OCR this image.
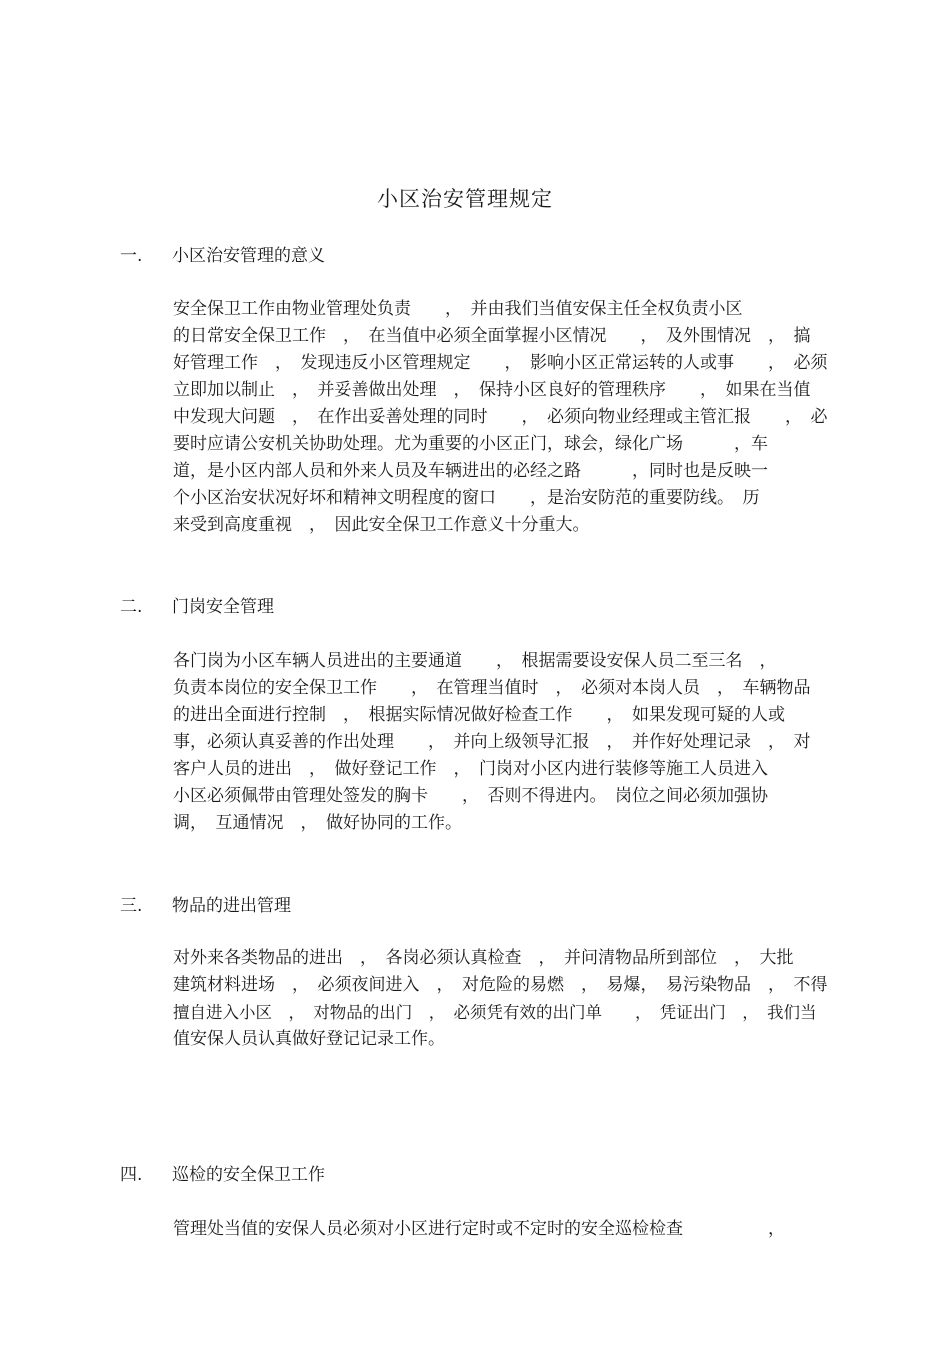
小区治安管理规定
一. 小区治安管理的意义
安全保卫工作由物业管理处负责　　，　并由我们当值安保主任全权负责小区
的日常安全保卫工作　，　在当值中必须全面掌握小区情况　　，　及外围情况　，　搞
好管理工作　，　发现违反小区管理规定　　，　影响小区正常运转的人或事　　，　必须
立即加以制止　，　并妥善做出处理　，　保持小区良好的管理秩序　　，　如果在当值
中发现大问题　，　在作出妥善处理的同时　　，　必须向物业经理或主管汇报　　，　必
要时应请公安机关协助处理。尤为重要的小区正门，球会，绿化广场　　　，车
道，是小区内部人员和外来人员及车辆进出的必经之路　　　，同时也是反映一
个小区治安状况好坏和精神文明程度的窗口　　，是治安防范的重要防线。　历
来受到高度重视　，　因此安全保卫工作意义十分重大。
二. 门岗安全管理
各门岗为小区车辆人员进出的主要通道　　，　根据需要设安保人员二至三名　，
负责本岗位的安全保卫工作　　，　在管理当值时　，　必须对本岗人员　，　车辆物品
的进出全面进行控制　，　根据实际情况做好检查工作　　，　如果发现可疑的人或
事，必须认真妥善的作出处理　　，　并向上级领导汇报　，　并作好处理记录　，　对
客户人员的进出　，　做好登记工作　，　门岗对小区内进行装修等施工人员进入
小区必须佩带由管理处签发的胸卡　　，　否则不得进内。　岗位之间必须加强协
调，　互通情况　，　做好协同的工作。
三. 物品的进出管理
对外来各类物品的进出　，　各岗必须认真检查　，　并问清物品所到部位　，　大批
建筑材料进场　，　必须夜间进入　，　对危险的易燃　，　易爆，　易污染物品　，　不得
擅自进入小区　，　对物品的出门　，　必须凭有效的出门单　　，　凭证出门　，　我们当
值安保人员认真做好登记记录工作。
四. 巡检的安全保卫工作
管理处当值的安保人员必须对小区进行定时或不定时的安全巡检检查　　　　　，
